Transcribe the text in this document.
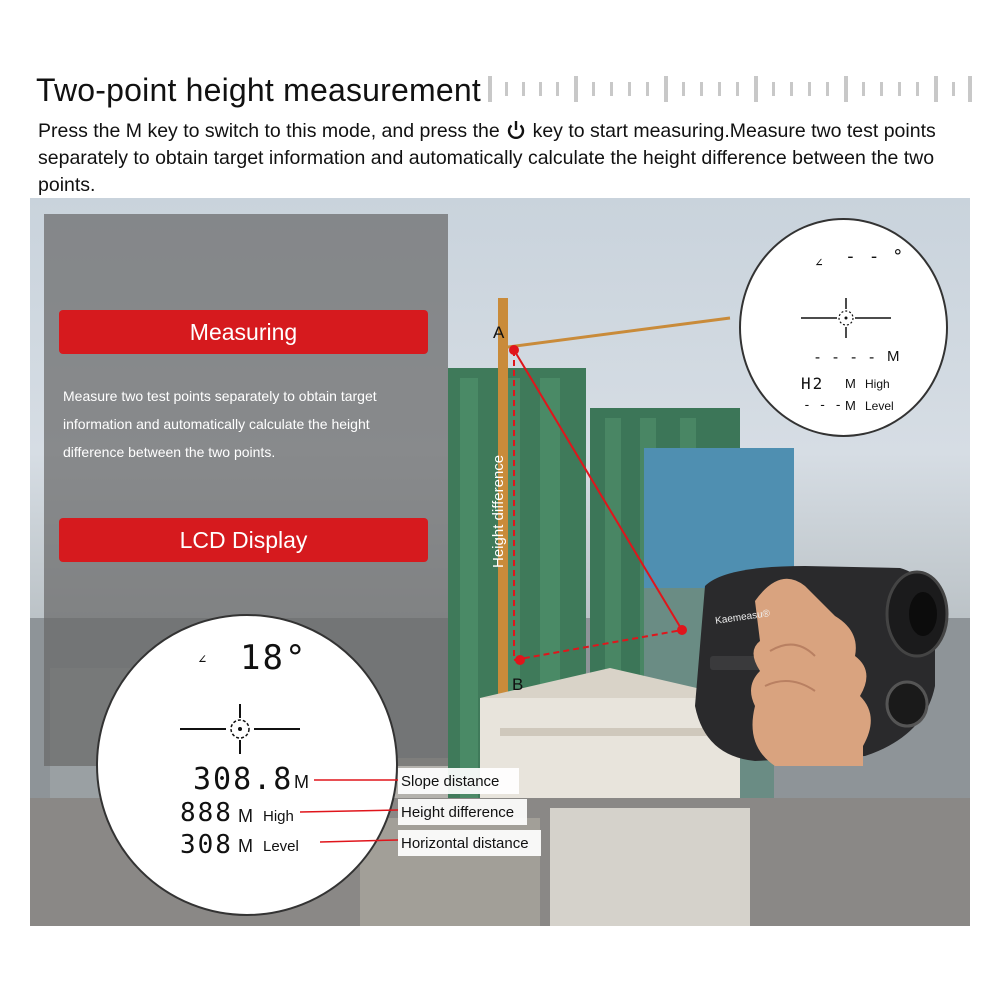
Two-point height measurement
Press the M key to switch to this mode, and press the key to start measuring.Measure two test points separately to obtain target information and automatically calculate the height difference between the two points.
Measuring
Measure two test points separately to obtain target information and automatically calculate the height difference between the two points.
LCD Display
A
B
Height difference
Kaemeasu®
∠ 18°
308.8 M
888 M High
308 M Level
Slope distance
Height difference
Horizontal distance
∠ - - °
- - - - M
H2 M High
- - - M Level
